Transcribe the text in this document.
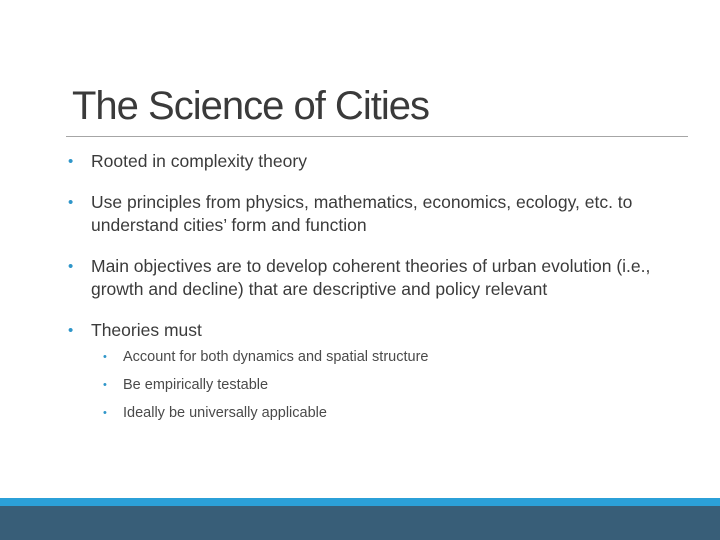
The Science of Cities
• Rooted in complexity theory
• Use principles from physics, mathematics, economics, ecology, etc. to understand cities’ form and function
• Main objectives are to develop coherent theories of urban evolution (i.e., growth and decline) that are descriptive and policy relevant
• Theories must
• Account for both dynamics and spatial structure
• Be empirically testable
• Ideally be universally applicable
